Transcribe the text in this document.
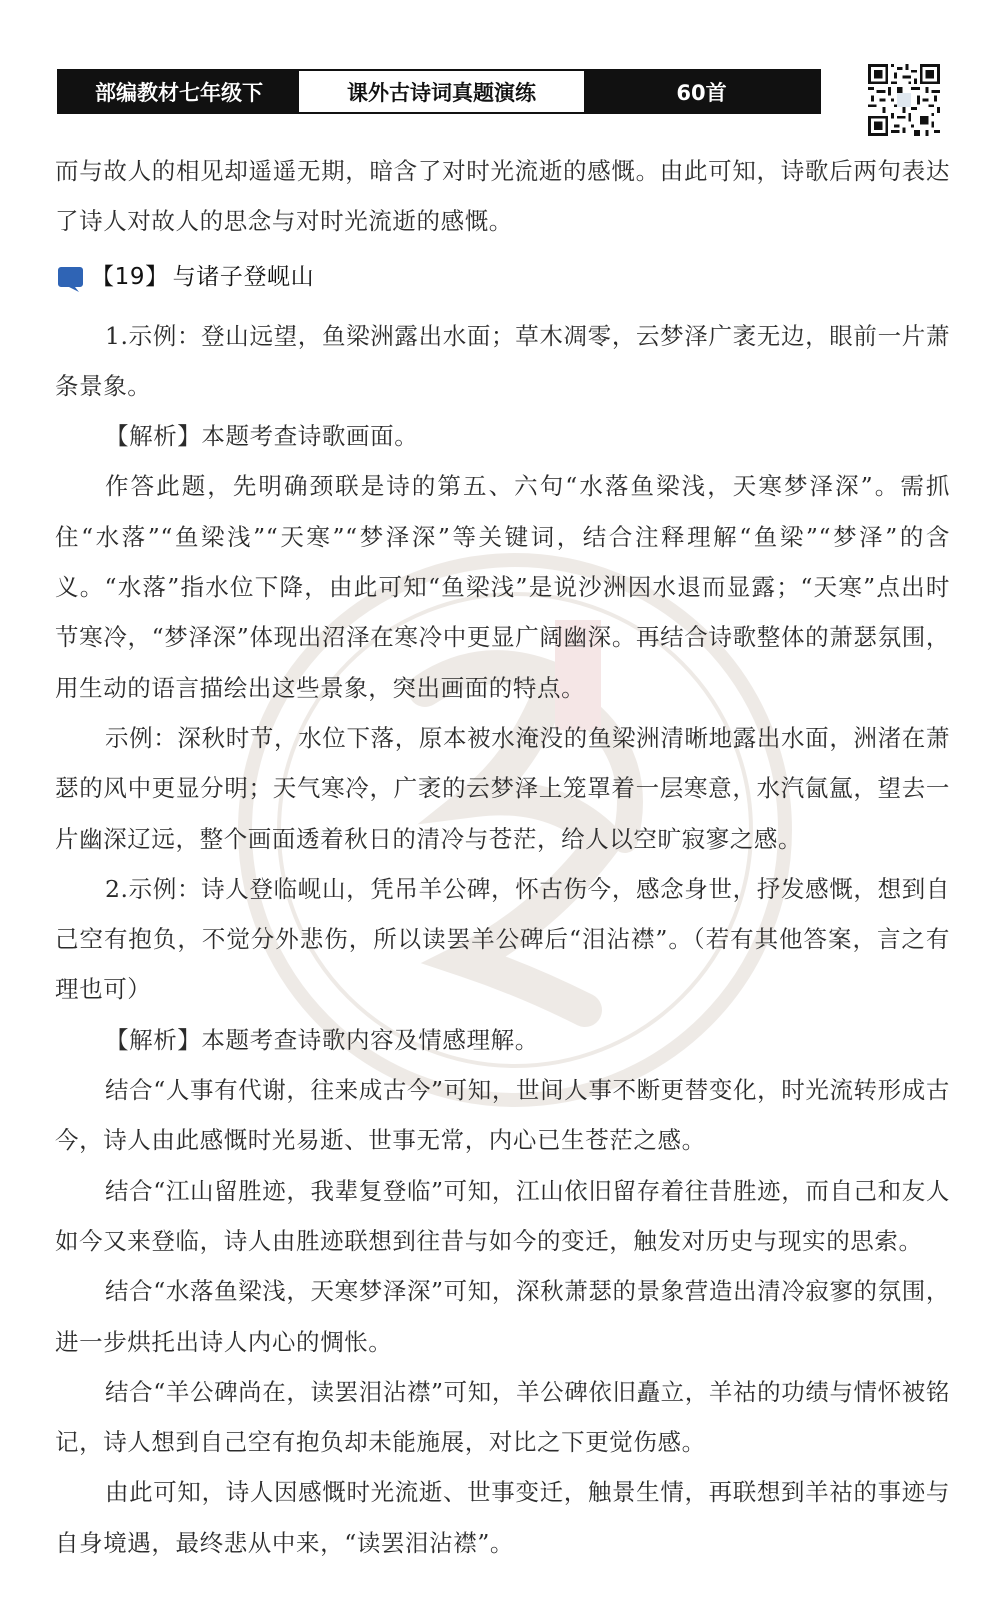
部编教材七年级下	课外古诗词真题演练	60首

而与故人的相见却遥遥无期，暗含了对时光流逝的感慨。由此可知，诗歌后两句表达了诗人对故人的思念与对时光流逝的感慨。

【19】 与诸子登岘山

1.示例：登山远望，鱼梁洲露出水面；草木凋零，云梦泽广袤无边，眼前一片萧条景象。

【解析】本题考查诗歌画面。

作答此题，先明确颈联是诗的第五、六句“水落鱼梁浅，天寒梦泽深”。需抓住“水落”“鱼梁浅”“天寒”“梦泽深”等关键词，结合注释理解“鱼梁”“梦泽”的含义。“水落”指水位下降，由此可知“鱼梁浅”是说沙洲因水退而显露；“天寒”点出时节寒冷，“梦泽深”体现出沼泽在寒冷中更显广阔幽深。再结合诗歌整体的萧瑟氛围，用生动的语言描绘出这些景象，突出画面的特点。

示例：深秋时节，水位下落，原本被水淹没的鱼梁洲清晰地露出水面，洲渚在萧瑟的风中更显分明；天气寒冷，广袤的云梦泽上笼罩着一层寒意，水汽氤氲，望去一片幽深辽远，整个画面透着秋日的清冷与苍茫，给人以空旷寂寥之感。

2.示例：诗人登临岘山，凭吊羊公碑，怀古伤今，感念身世，抒发感慨，想到自己空有抱负，不觉分外悲伤，所以读罢羊公碑后“泪沾襟”。（若有其他答案，言之有理也可）

【解析】本题考查诗歌内容及情感理解。

结合“人事有代谢，往来成古今”可知，世间人事不断更替变化，时光流转形成古今，诗人由此感慨时光易逝、世事无常，内心已生苍茫之感。

结合“江山留胜迹，我辈复登临”可知，江山依旧留存着往昔胜迹，而自己和友人如今又来登临，诗人由胜迹联想到往昔与如今的变迁，触发对历史与现实的思索。

结合“水落鱼梁浅，天寒梦泽深”可知，深秋萧瑟的景象营造出清冷寂寥的氛围，进一步烘托出诗人内心的惆怅。

结合“羊公碑尚在，读罢泪沾襟”可知，羊公碑依旧矗立，羊祜的功绩与情怀被铭记，诗人想到自己空有抱负却未能施展，对比之下更觉伤感。

由此可知，诗人因感慨时光流逝、世事变迁，触景生情，再联想到羊祜的事迹与自身境遇，最终悲从中来，“读罢泪沾襟”。
